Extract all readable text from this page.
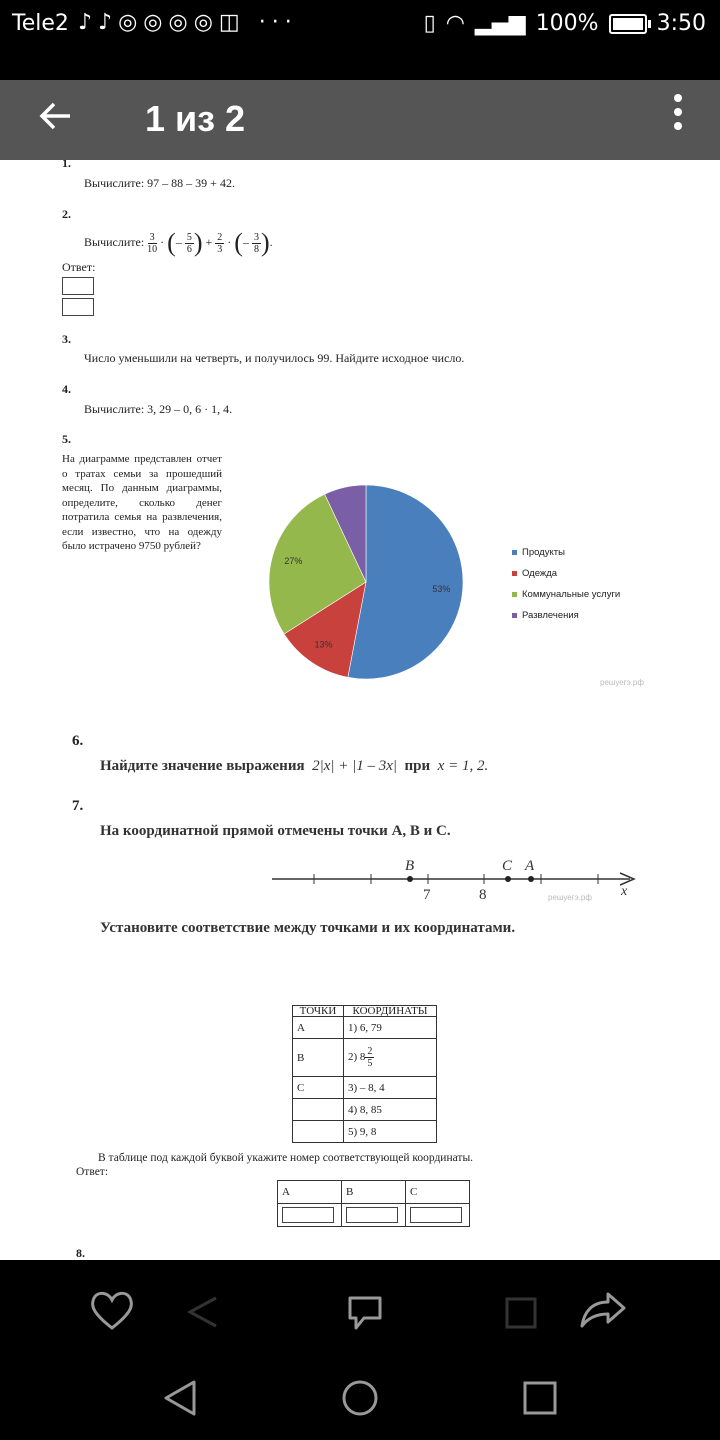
Tele2 ♪♪◎◎◎◎◫ ···	▯ ◠ ▂▄▆ 100%	3:50
1 из 2
1.
Вычислите: 97 – 88 – 39 + 42.
2.
Вычислите: $\frac{3}{10}$ · (– $\frac{5}{6}$ ) + $\frac{2}{3}$ · (– $\frac{3}{8}$ ).
Ответ:
3.
Число уменьшили на четверть, и получилось 99. Найдите исходное число.
4.
Вычислите: 3, 29 – 0, 6 · 1, 4.
5.
На диаграмме представлен отчет о тратах семьи за прошедший месяц. По данным диаграммы, определите, сколько денег потратила семья на развлечения, если известно, что на одежду было истрачено 9750 рублей?
53%
13%
27%
Продукты
Одежда
Коммунальные услуги
Развлечения
решуегэ.рф
6.
Найдите значение выражения 2|x| + |1 – 3x| при x = 1, 2.
7.
На координатной прямой отмечены точки А, В и С.
B	C A
7	8	x
решуегэ.рф
Установите соответствие между точками и их координатами.
ТОЧКИ	КООРДИНАТЫ
A	1) 6, 79
B	2) $8 \frac{2}{5}$

C	3) – 8, 4
	4) 8, 85
	5) 9, 8
В таблице под каждой буквой укажите номер соответствующей координаты.
Ответ:
A	B	C

8.
